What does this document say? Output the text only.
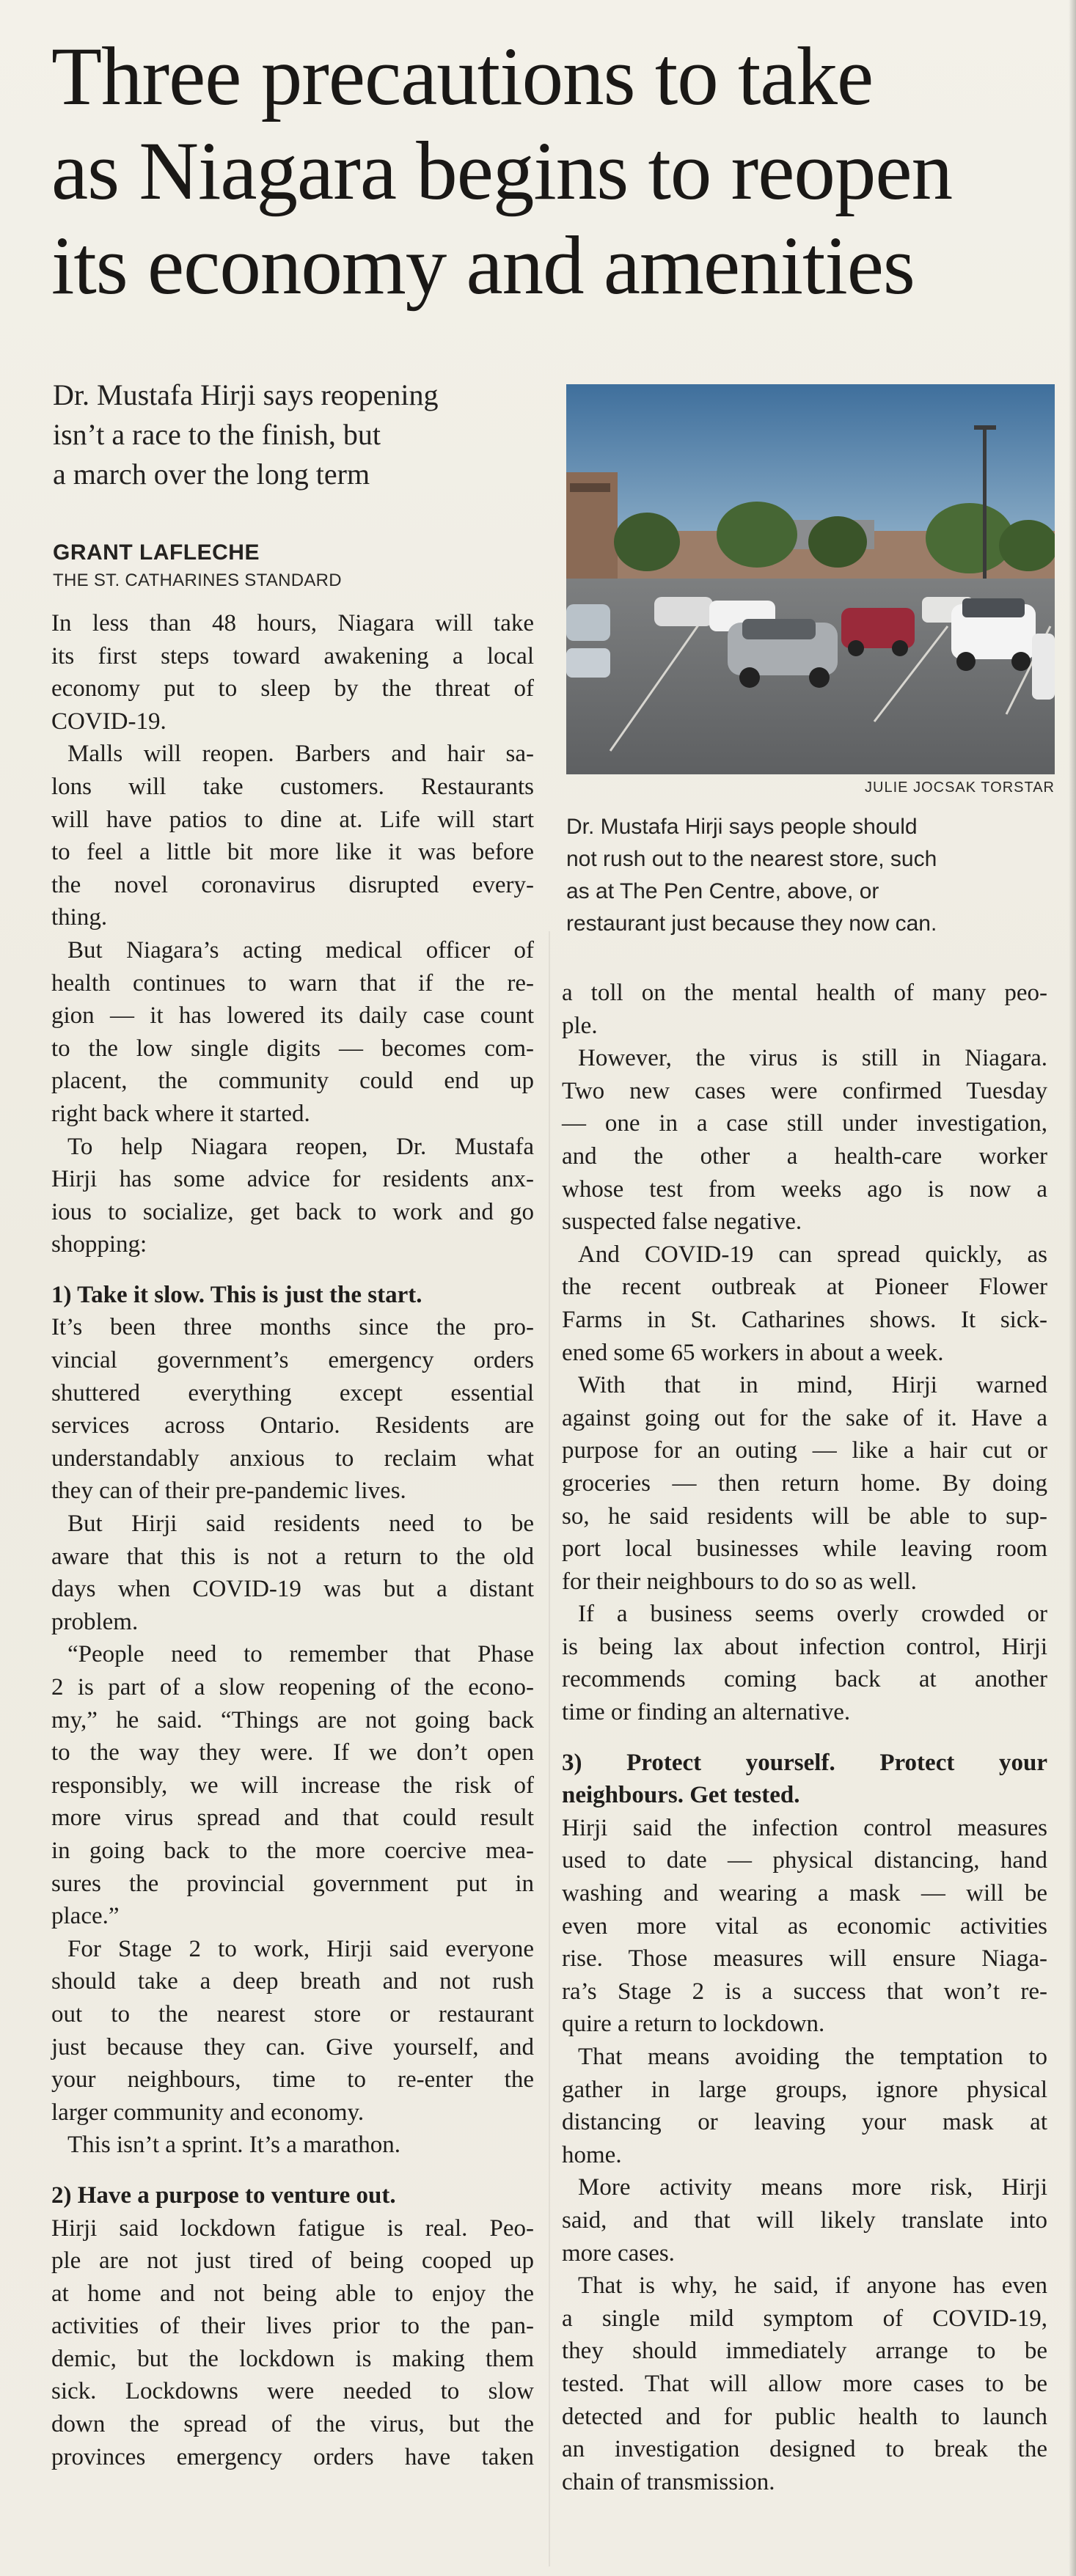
Three precautions to take
as Niagara begins to reopen
its economy and amenities
Dr. Mustafa Hirji says reopening
isn’t a race to the finish, but
a march over the long term
GRANT LAFLECHE
THE ST. CATHARINES STANDARD
JULIE JOCSAK TORSTAR
Dr. Mustafa Hirji says people should
not rush out to the nearest store, such
as at The Pen Centre, above, or
restaurant just because they now can.
In less than 48 hours, Niagara will take
its first steps toward awakening a local
economy put to sleep by the threat of
COVID-19.
Malls will reopen. Barbers and hair sa-
lons will take customers. Restaurants
will have patios to dine at. Life will start
to feel a little bit more like it was before
the novel coronavirus disrupted every-
thing.
But Niagara’s acting medical officer of
health continues to warn that if the re-
gion — it has lowered its daily case count
to the low single digits — becomes com-
placent, the community could end up
right back where it started.
To help Niagara reopen, Dr. Mustafa
Hirji has some advice for residents anx-
ious to socialize, get back to work and go
shopping:
1) Take it slow. This is just the start.
It’s been three months since the pro-
vincial government’s emergency orders
shuttered everything except essential
services across Ontario. Residents are
understandably anxious to reclaim what
they can of their pre-pandemic lives.
But Hirji said residents need to be
aware that this is not a return to the old
days when COVID-19 was but a distant
problem.
“People need to remember that Phase
2 is part of a slow reopening of the econo-
my,” he said. “Things are not going back
to the way they were. If we don’t open
responsibly, we will increase the risk of
more virus spread and that could result
in going back to the more coercive mea-
sures the provincial government put in
place.”
For Stage 2 to work, Hirji said everyone
should take a deep breath and not rush
out to the nearest store or restaurant
just because they can. Give yourself, and
your neighbours, time to re-enter the
larger community and economy.
This isn’t a sprint. It’s a marathon.
2) Have a purpose to venture out.
Hirji said lockdown fatigue is real. Peo-
ple are not just tired of being cooped up
at home and not being able to enjoy the
activities of their lives prior to the pan-
demic, but the lockdown is making them
sick. Lockdowns were needed to slow
down the spread of the virus, but the
provinces emergency orders have taken
a toll on the mental health of many peo-
ple.
However, the virus is still in Niagara.
Two new cases were confirmed Tuesday
— one in a case still under investigation,
and the other a health-care worker
whose test from weeks ago is now a
suspected false negative.
And COVID-19 can spread quickly, as
the recent outbreak at Pioneer Flower
Farms in St. Catharines shows. It sick-
ened some 65 workers in about a week.
With that in mind, Hirji warned
against going out for the sake of it. Have a
purpose for an outing — like a hair cut or
groceries — then return home. By doing
so, he said residents will be able to sup-
port local businesses while leaving room
for their neighbours to do so as well.
If a business seems overly crowded or
is being lax about infection control, Hirji
recommends coming back at another
time or finding an alternative.
3) Protect yourself. Protect your
neighbours. Get tested.
Hirji said the infection control measures
used to date — physical distancing, hand
washing and wearing a mask — will be
even more vital as economic activities
rise. Those measures will ensure Niaga-
ra’s Stage 2 is a success that won’t re-
quire a return to lockdown.
That means avoiding the temptation to
gather in large groups, ignore physical
distancing or leaving your mask at
home.
More activity means more risk, Hirji
said, and that will likely translate into
more cases.
That is why, he said, if anyone has even
a single mild symptom of COVID-19,
they should immediately arrange to be
tested. That will allow more cases to be
detected and for public health to launch
an investigation designed to break the
chain of transmission.
